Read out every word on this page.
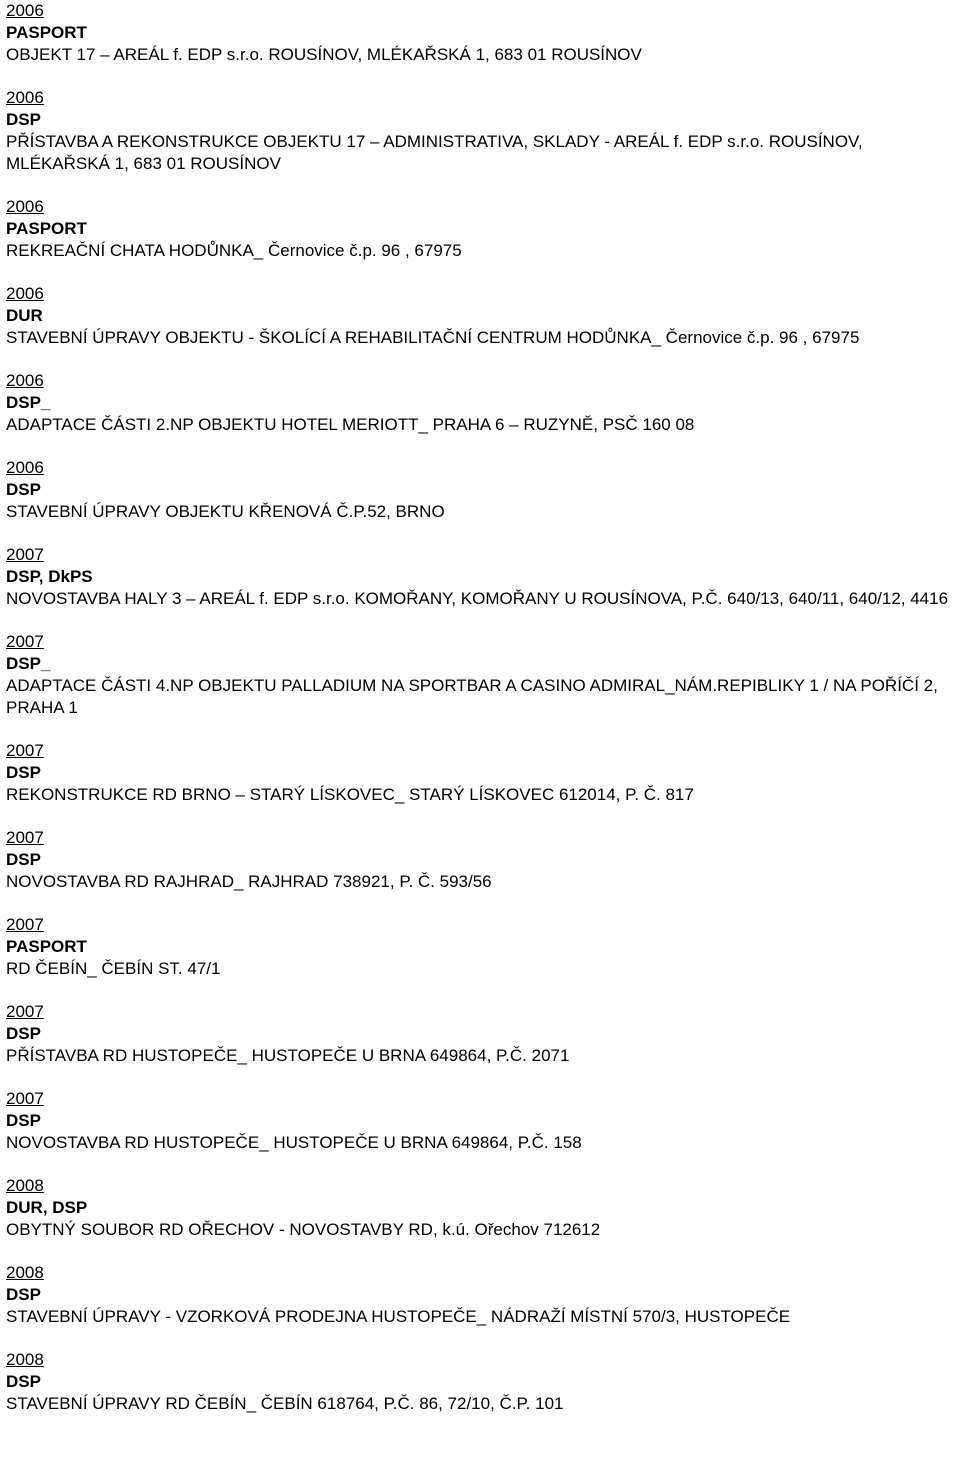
2006
PASPORT
OBJEKT 17 – AREÁL f. EDP s.r.o. ROUSÍNOV, MLÉKAŘSKÁ 1, 683 01 ROUSÍNOV
2006
DSP
PŘÍSTAVBA A REKONSTRUKCE OBJEKTU 17 – ADMINISTRATIVA, SKLADY - AREÁL f. EDP s.r.o. ROUSÍNOV, MLÉKAŘSKÁ 1, 683 01 ROUSÍNOV
2006
PASPORT
REKREAČNÍ CHATA HODŮNKA_ Černovice č.p. 96 , 67975
2006
DUR
STAVEBNÍ ÚPRAVY OBJEKTU - ŠKOLÍCÍ A REHABILITAČNÍ CENTRUM HODŮNKA_ Černovice č.p. 96 , 67975
2006
DSP_
ADAPTACE ČÁSTI 2.NP OBJEKTU HOTEL MERIOTT_ PRAHA 6 – RUZYNĚ, PSČ 160 08
2006
DSP
STAVEBNÍ ÚPRAVY OBJEKTU KŘENOVÁ Č.P.52, BRNO
2007
DSP, DkPS
NOVOSTAVBA HALY 3 – AREÁL f. EDP s.r.o. KOMOŘANY, KOMOŘANY U ROUSÍNOVA, P.Č. 640/13, 640/11, 640/12, 4416
2007
DSP_
ADAPTACE ČÁSTI 4.NP OBJEKTU PALLADIUM NA SPORTBAR A CASINO ADMIRAL_NÁM.REPIBLIKY 1 / NA POŘÍČÍ 2, PRAHA 1
2007
DSP
REKONSTRUKCE RD BRNO – STARÝ LÍSKOVEC_ STARÝ LÍSKOVEC 612014, P. Č. 817
2007
DSP
NOVOSTAVBA RD RAJHRAD_ RAJHRAD 738921, P. Č. 593/56
2007
PASPORT
RD ČEBÍN_ ČEBÍN ST. 47/1
2007
DSP
PŘÍSTAVBA RD HUSTOPEČE_ HUSTOPEČE U BRNA 649864, P.Č. 2071
2007
DSP
NOVOSTAVBA RD HUSTOPEČE_ HUSTOPEČE U BRNA 649864, P.Č. 158
2008
DUR, DSP
OBYTNÝ SOUBOR RD OŘECHOV - NOVOSTAVBY RD, k.ú. Ořechov 712612
2008
DSP
STAVEBNÍ ÚPRAVY - VZORKOVÁ PRODEJNA HUSTOPEČE_ NÁDRAŽÍ MÍSTNÍ 570/3, HUSTOPEČE
2008
DSP
STAVEBNÍ ÚPRAVY RD ČEBÍN_ ČEBÍN 618764, P.Č. 86, 72/10, Č.P. 101
